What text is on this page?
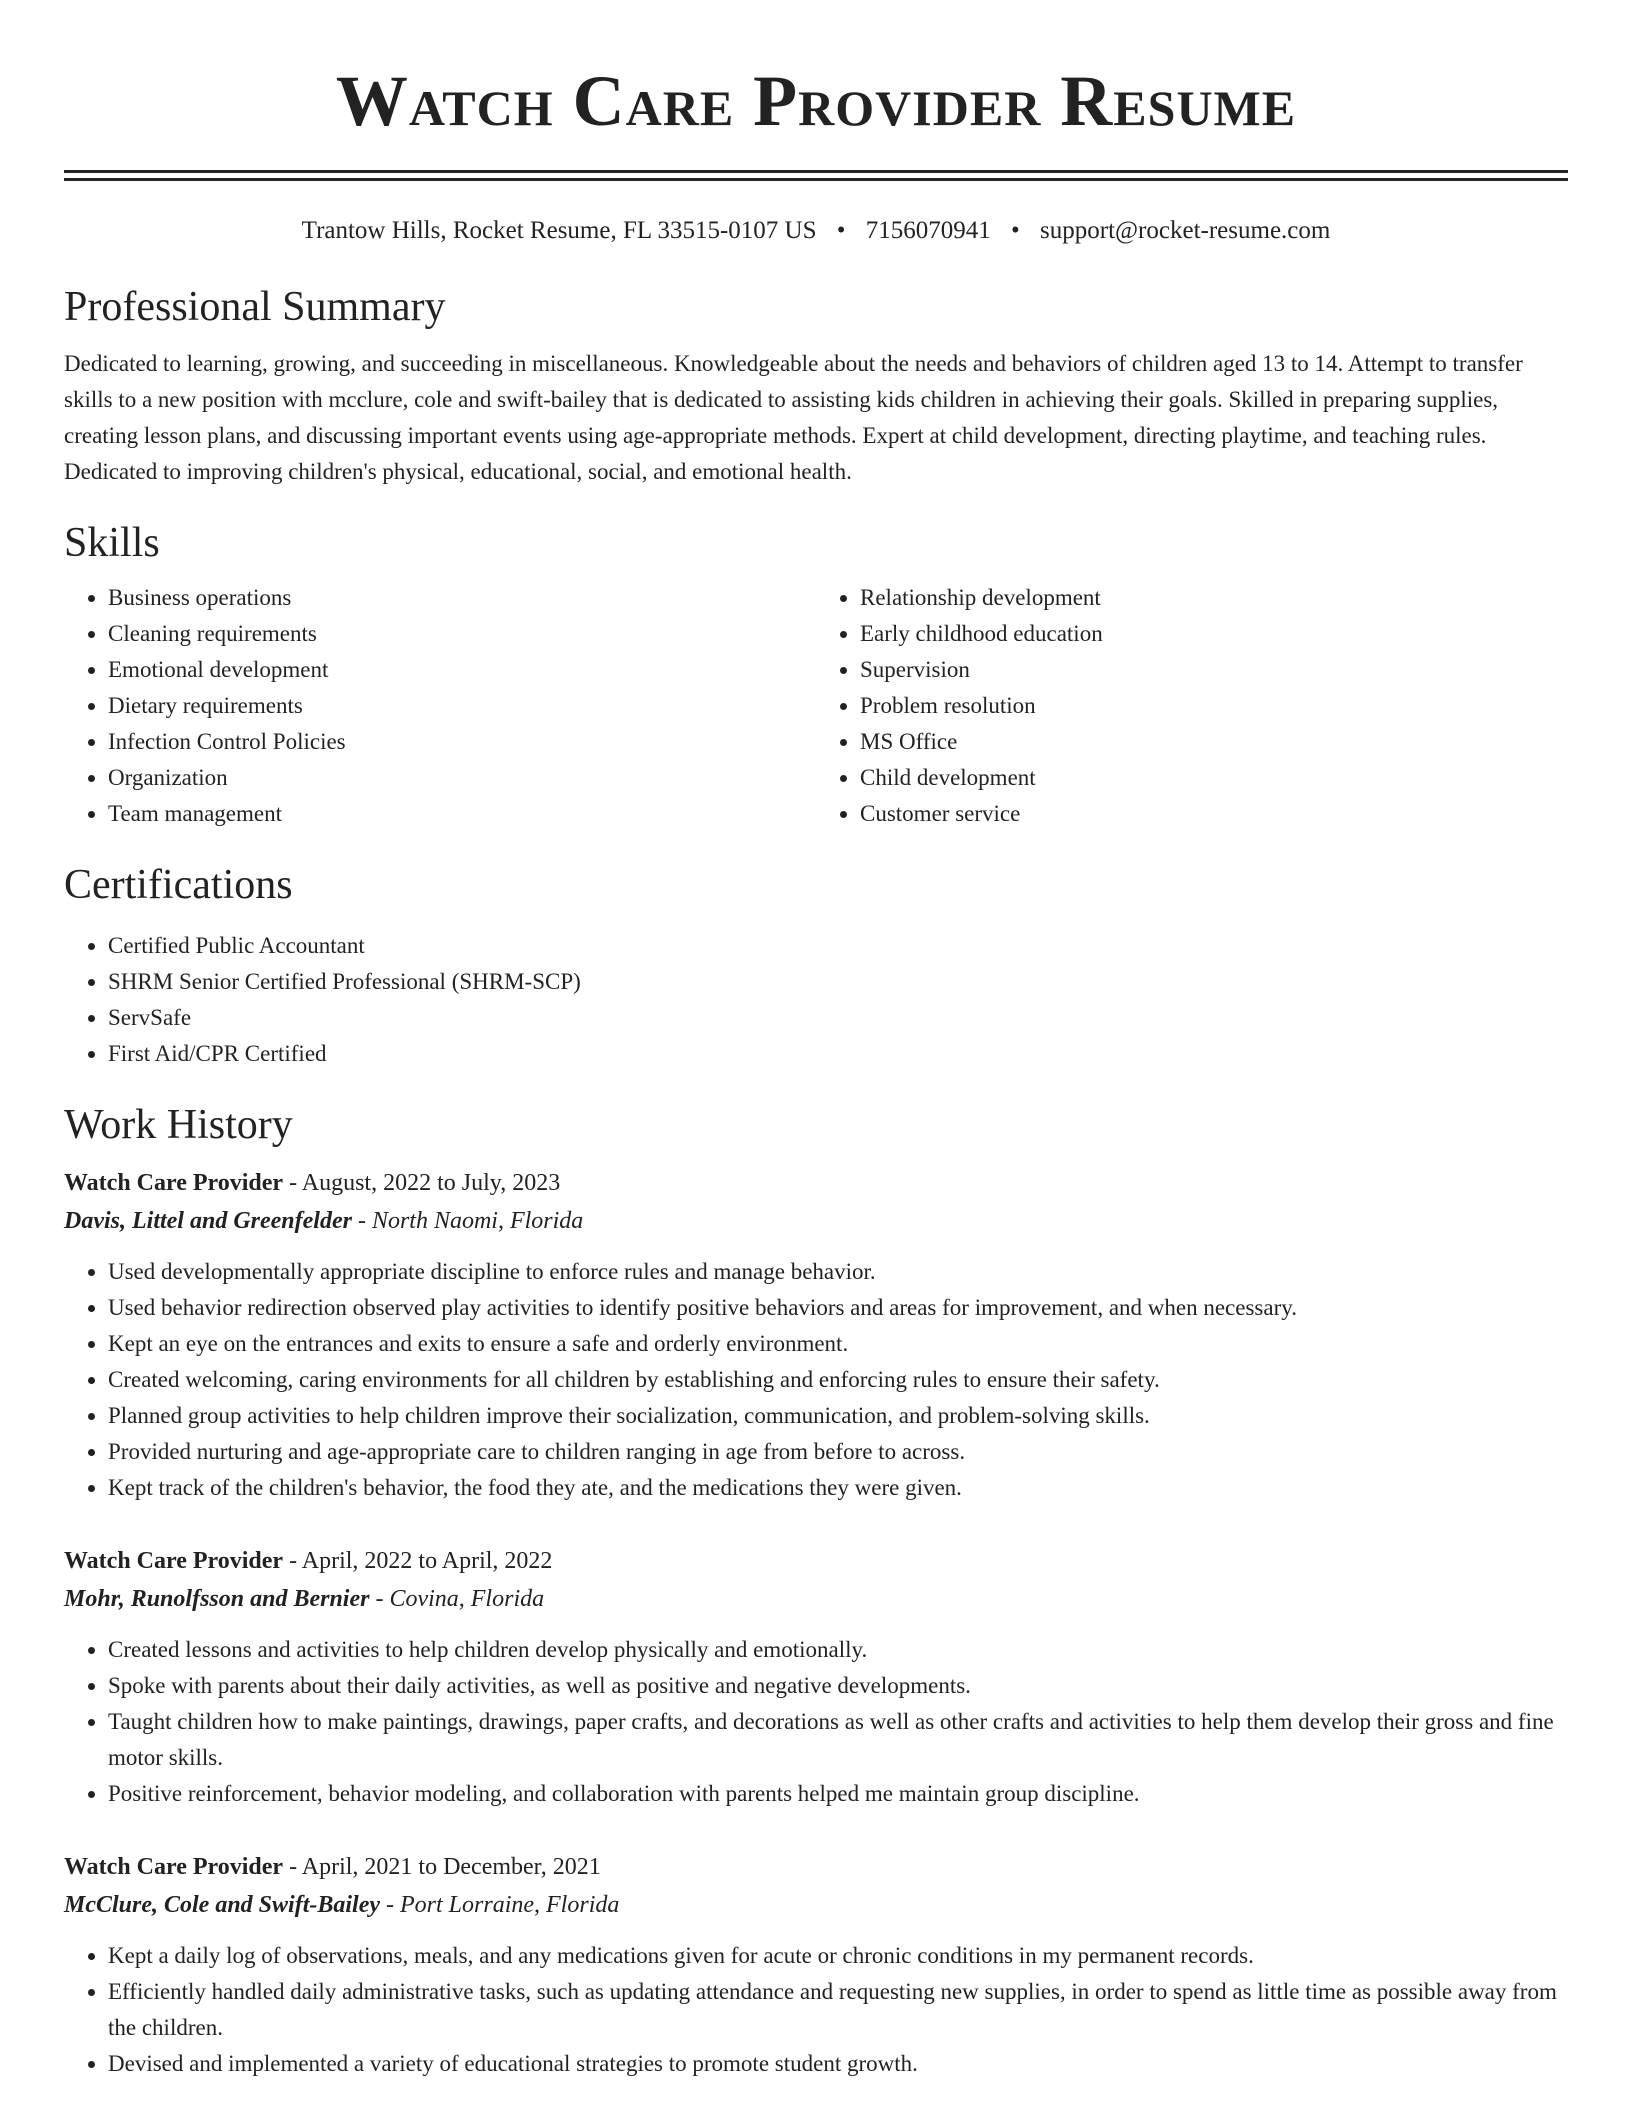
Watch Care Provider Resume
Trantow Hills, Rocket Resume, FL 33515-0107 US • 7156070941 • support@rocket-resume.com
Professional Summary

Dedicated to learning, growing, and succeeding in miscellaneous. Knowledgeable about the needs and behaviors of children aged 13 to 14. Attempt to transfer skills to a new position with mcclure, cole and swift-bailey that is dedicated to assisting kids children in achieving their goals. Skilled in preparing supplies, creating lesson plans, and discussing important events using age-appropriate methods. Expert at child development, directing playtime, and teaching rules. Dedicated to improving children's physical, educational, social, and emotional health.

Skills
• Business operations
• Cleaning requirements
• Emotional development
• Dietary requirements
• Infection Control Policies
• Organization
• Team management
• Relationship development
• Early childhood education
• Supervision
• Problem resolution
• MS Office
• Child development
• Customer service
Certifications
• Certified Public Accountant
• SHRM Senior Certified Professional (SHRM-SCP)
• ServSafe
• First Aid/CPR Certified
Work History
Watch Care Provider - August, 2022 to July, 2023
Davis, Littel and Greenfelder - North Naomi, Florida
• Used developmentally appropriate discipline to enforce rules and manage behavior.
• Used behavior redirection observed play activities to identify positive behaviors and areas for improvement, and when necessary.
• Kept an eye on the entrances and exits to ensure a safe and orderly environment.
• Created welcoming, caring environments for all children by establishing and enforcing rules to ensure their safety.
• Planned group activities to help children improve their socialization, communication, and problem-solving skills.
• Provided nurturing and age-appropriate care to children ranging in age from before to across.
• Kept track of the children's behavior, the food they ate, and the medications they were given.
Watch Care Provider - April, 2022 to April, 2022
Mohr, Runolfsson and Bernier - Covina, Florida
• Created lessons and activities to help children develop physically and emotionally.
• Spoke with parents about their daily activities, as well as positive and negative developments.
• Taught children how to make paintings, drawings, paper crafts, and decorations as well as other crafts and activities to help them develop their gross and fine motor skills.
• Positive reinforcement, behavior modeling, and collaboration with parents helped me maintain group discipline.
Watch Care Provider - April, 2021 to December, 2021
McClure, Cole and Swift-Bailey - Port Lorraine, Florida
• Kept a daily log of observations, meals, and any medications given for acute or chronic conditions in my permanent records.
• Efficiently handled daily administrative tasks, such as updating attendance and requesting new supplies, in order to spend as little time as possible away from the children.
• Devised and implemented a variety of educational strategies to promote student growth.
